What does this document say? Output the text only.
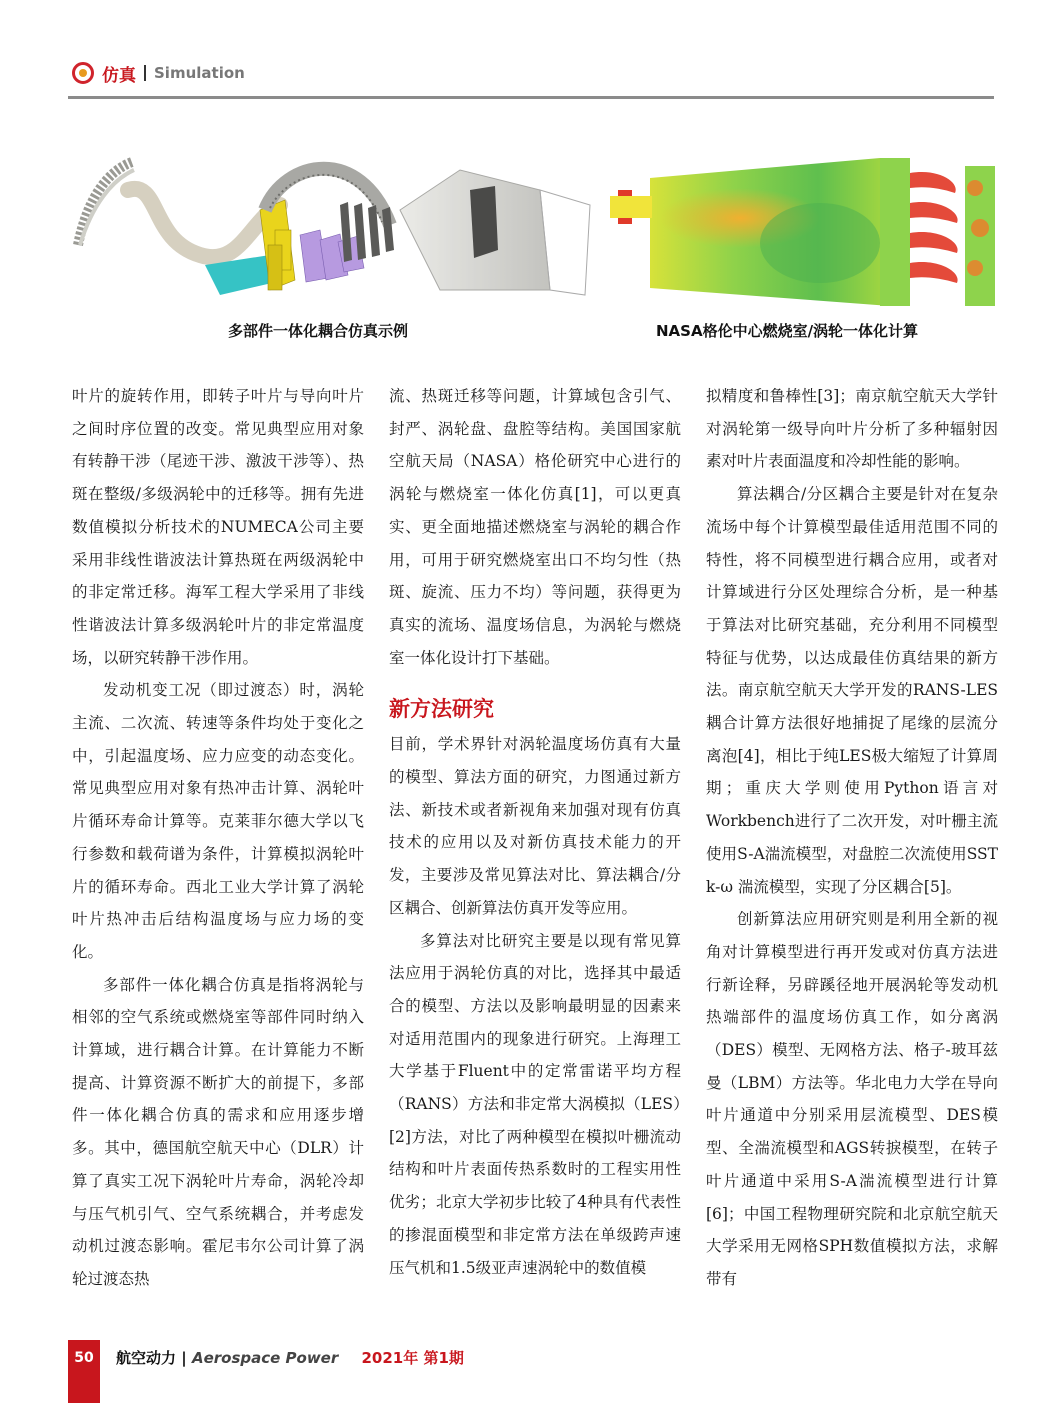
仿真 Simulation
多部件一体化耦合仿真示例	NASA格伦中心燃烧室/涡轮一体化计算

叶片的旋转作用，即转子叶片与导向叶片之间时序位置的改变。常见典型应用对象有转静干涉（尾迹干涉、激波干涉等）、热斑在整级/多级涡轮中的迁移等。拥有先进数值模拟分析技术的NUMECA公司主要采用非线性谐波法计算热斑在两级涡轮中的非定常迁移。海军工程大学采用了非线性谐波法计算多级涡轮叶片的非定常温度场，以研究转静干涉作用。

发动机变工况（即过渡态）时，涡轮主流、二次流、转速等条件均处于变化之中，引起温度场、应力应变的动态变化。常见典型应用对象有热冲击计算、涡轮叶片循环寿命计算等。克莱菲尔德大学以飞行参数和载荷谱为条件，计算模拟涡轮叶片的循环寿命。西北工业大学计算了涡轮叶片热冲击后结构温度场与应力场的变化。

多部件一体化耦合仿真是指将涡轮与相邻的空气系统或燃烧室等部件同时纳入计算域，进行耦合计算。在计算能力不断提高、计算资源不断扩大的前提下，多部件一体化耦合仿真的需求和应用逐步增多。其中，德国航空航天中心（DLR）计算了真实工况下涡轮叶片寿命，涡轮冷却与压气机引气、空气系统耦合，并考虑发动机过渡态影响。霍尼韦尔公司计算了涡轮过渡态热

流、热斑迁移等问题，计算域包含引气、封严、涡轮盘、盘腔等结构。美国国家航空航天局（NASA）格伦研究中心进行的涡轮与燃烧室一体化仿真[1]，可以更真实、更全面地描述燃烧室与涡轮的耦合作用，可用于研究燃烧室出口不均匀性（热斑、旋流、压力不均）等问题，获得更为真实的流场、温度场信息，为涡轮与燃烧室一体化设计打下基础。

新方法研究

目前，学术界针对涡轮温度场仿真有大量的模型、算法方面的研究，力图通过新方法、新技术或者新视角来加强对现有仿真技术的应用以及对新仿真技术能力的开发，主要涉及常见算法对比、算法耦合/分区耦合、创新算法仿真开发等应用。

多算法对比研究主要是以现有常见算法应用于涡轮仿真的对比，选择其中最适合的模型、方法以及影响最明显的因素来对适用范围内的现象进行研究。上海理工大学基于Fluent中的定常雷诺平均方程（RANS）方法和非定常大涡模拟（LES）[2]方法，对比了两种模型在模拟叶栅流动结构和叶片表面传热系数时的工程实用性优劣；北京大学初步比较了4种具有代表性的掺混面模型和非定常方法在单级跨声速压气机和1.5级亚声速涡轮中的数值模

拟精度和鲁棒性[3]；南京航空航天大学针对涡轮第一级导向叶片分析了多种辐射因素对叶片表面温度和冷却性能的影响。

算法耦合/分区耦合主要是针对在复杂流场中每个计算模型最佳适用范围不同的特性，将不同模型进行耦合应用，或者对计算域进行分区处理综合分析，是一种基于算法对比研究基础，充分利用不同模型特征与优势，以达成最佳仿真结果的新方法。南京航空航天大学开发的RANS-LES耦合计算方法很好地捕捉了尾缘的层流分离泡[4]，相比于纯LES极大缩短了计算周期；重庆大学则使用Python语言对Workbench进行了二次开发，对叶栅主流使用S-A湍流模型，对盘腔二次流使用SST k-ω 湍流模型，实现了分区耦合[5]。

创新算法应用研究则是利用全新的视角对计算模型进行再开发或对仿真方法进行新诠释，另辟蹊径地开展涡轮等发动机热端部件的温度场仿真工作，如分离涡（DES）模型、无网格方法、格子-玻耳兹曼（LBM）方法等。华北电力大学在导向叶片通道中分别采用层流模型、DES模型、全湍流模型和AGS转捩模型，在转子叶片通道中采用S-A湍流模型进行计算[6]；中国工程物理研究院和北京航空航天大学采用无网格SPH数值模拟方法，求解带有

50	航空动力 | Aerospace Power 2021年 第1期
